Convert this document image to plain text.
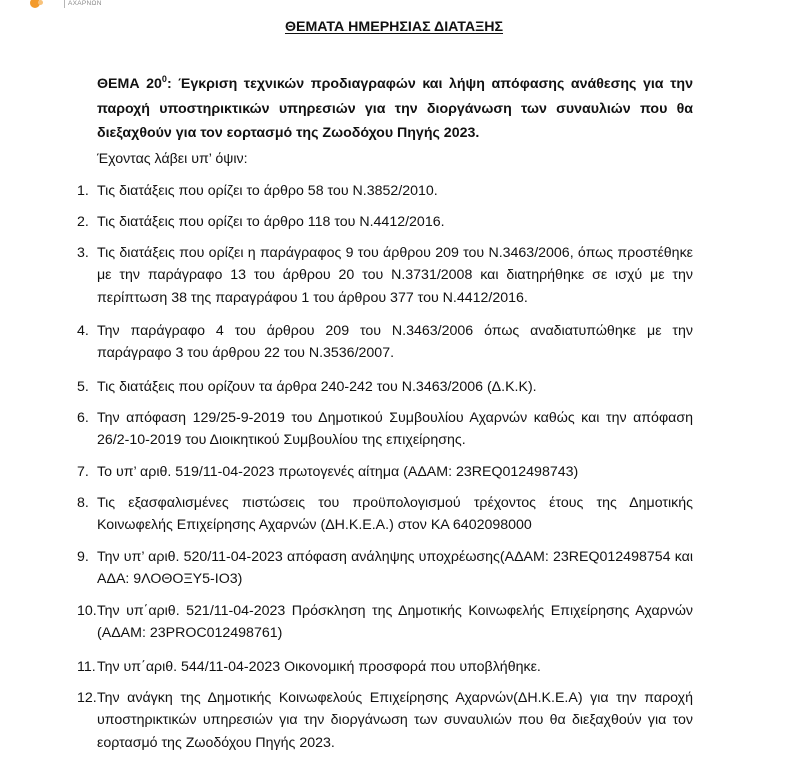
ΑΧΑΡΝΩΝ
ΘΕΜΑΤΑ ΗΜΕΡΗΣΙΑΣ ΔΙΑΤΑΞΗΣ
ΘΕΜΑ $20^0$: Έγκριση τεχνικών προδιαγραφών και λήψη απόφασης ανάθεσης για την παροχή υποστηρικτικών υπηρεσιών για την διοργάνωση των συναυλιών που θα διεξαχθούν για τον εορτασμό της Ζωοδόχου Πηγής 2023.
Έχοντας λάβει υπ’ όψιν:
1. Τις διατάξεις που ορίζει το άρθρο 58 του Ν.3852/2010.
2. Τις διατάξεις που ορίζει το άρθρο 118 του Ν.4412/2016.
3. Τις διατάξεις που ορίζει η παράγραφος 9 του άρθρου 209 του Ν.3463/2006, όπως προστέθηκε με την παράγραφο 13 του άρθρου 20 του Ν.3731/2008 και διατηρήθηκε σε ισχύ με την περίπτωση 38 της παραγράφου 1 του άρθρου 377 του Ν.4412/2016.
4. Την παράγραφο 4 του άρθρου 209 του Ν.3463/2006 όπως αναδιατυπώθηκε με την παράγραφο 3 του άρθρου 22 του Ν.3536/2007.
5. Τις διατάξεις που ορίζουν τα άρθρα 240-242 του Ν.3463/2006 (Δ.Κ.Κ).
6. Την απόφαση 129/25-9-2019 του Δημοτικού Συμβουλίου Αχαρνών καθώς και την απόφαση 26/2-10-2019 του Διοικητικού Συμβουλίου της επιχείρησης.
7. Το υπ’ αριθ. 519/11-04-2023 πρωτογενές αίτημα (ΑΔΑΜ: 23REQ012498743)
8. Τις εξασφαλισμένες πιστώσεις του προϋπολογισμού τρέχοντος έτους της Δημοτικής Κοινωφελής Επιχείρησης Αχαρνών (ΔΗ.Κ.Ε.Α.) στον ΚΑ 6402098000
9. Την υπ’ αριθ. 520/11-04-2023 απόφαση ανάληψης υποχρέωσης(ΑΔΑΜ: 23REQ012498754 και ΑΔΑ: 9ΛΟΘΟΞΥ5-ΙΟ3)
10. Την υπ΄αριθ. 521/11-04-2023 Πρόσκληση της Δημοτικής Κοινωφελής Επιχείρησης Αχαρνών (ΑΔΑΜ: 23PROC012498761)
11. Την υπ΄αριθ. 544/11-04-2023 Οικονομική προσφορά που υποβλήθηκε.
12. Την ανάγκη της Δημοτικής Κοινωφελούς Επιχείρησης Αχαρνών(ΔΗ.Κ.Ε.Α) για την παροχή υποστηρικτικών υπηρεσιών για την διοργάνωση των συναυλιών που θα διεξαχθούν για τον εορτασμό της Ζωοδόχου Πηγής 2023.
